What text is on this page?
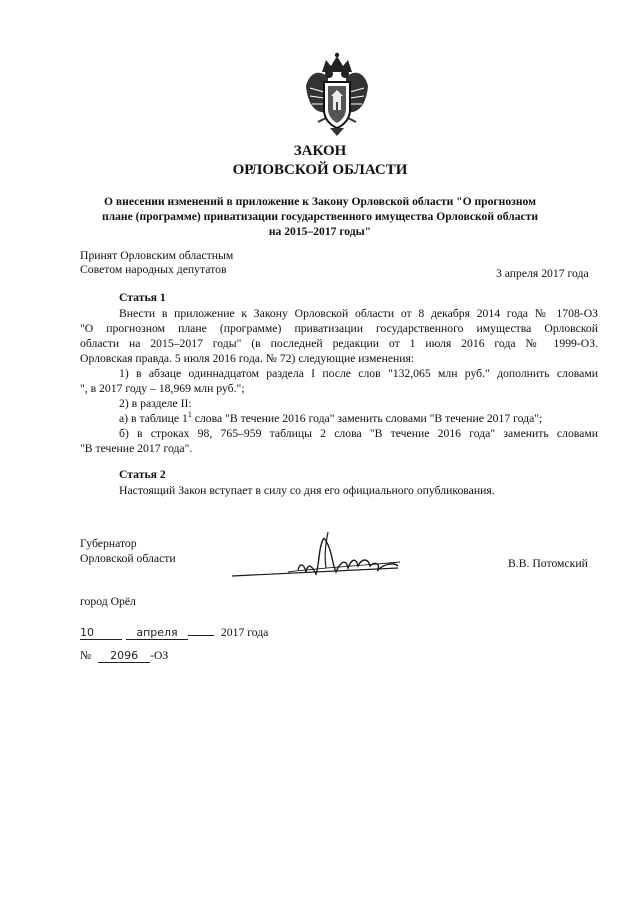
ЗАКОН
ОРЛОВСКОЙ ОБЛАСТИ
О внесении изменений в приложение к Закону Орловской области "О прогнозном
плане (программе) приватизации государственного имущества Орловской области
на 2015–2017 годы"
Принят Орловским областным
Советом народных депутатов	3 апреля 2017 года
Статья 1
Внести в приложение к Закону Орловской области от 8 декабря 2014 года № 1708-ОЗ
"О прогнозном плане (программе) приватизации государственного имущества Орловской
области на 2015–2017 годы" (в последней редакции от 1 июля 2016 года № 1999-ОЗ.
Орловская правда. 5 июля 2016 года. № 72) следующие изменения:
1) в абзаце одиннадцатом раздела I после слов "132,065 млн руб." дополнить словами
", в 2017 году – 18,969 млн руб.";
2) в разделе II:
а) в таблице $1^1$ слова "В течение 2016 года" заменить словами "В течение 2017 года";
б) в строках 98, 765–959 таблицы 2 слова "В течение 2016 года" заменить словами
"В течение 2017 года".
Статья 2
Настоящий Закон вступает в силу со дня его официального опубликования.
Губернатор
Орловской области	В.В. Потомский
город Орёл
10	апреля	2017 года
№ 2096 -ОЗ
